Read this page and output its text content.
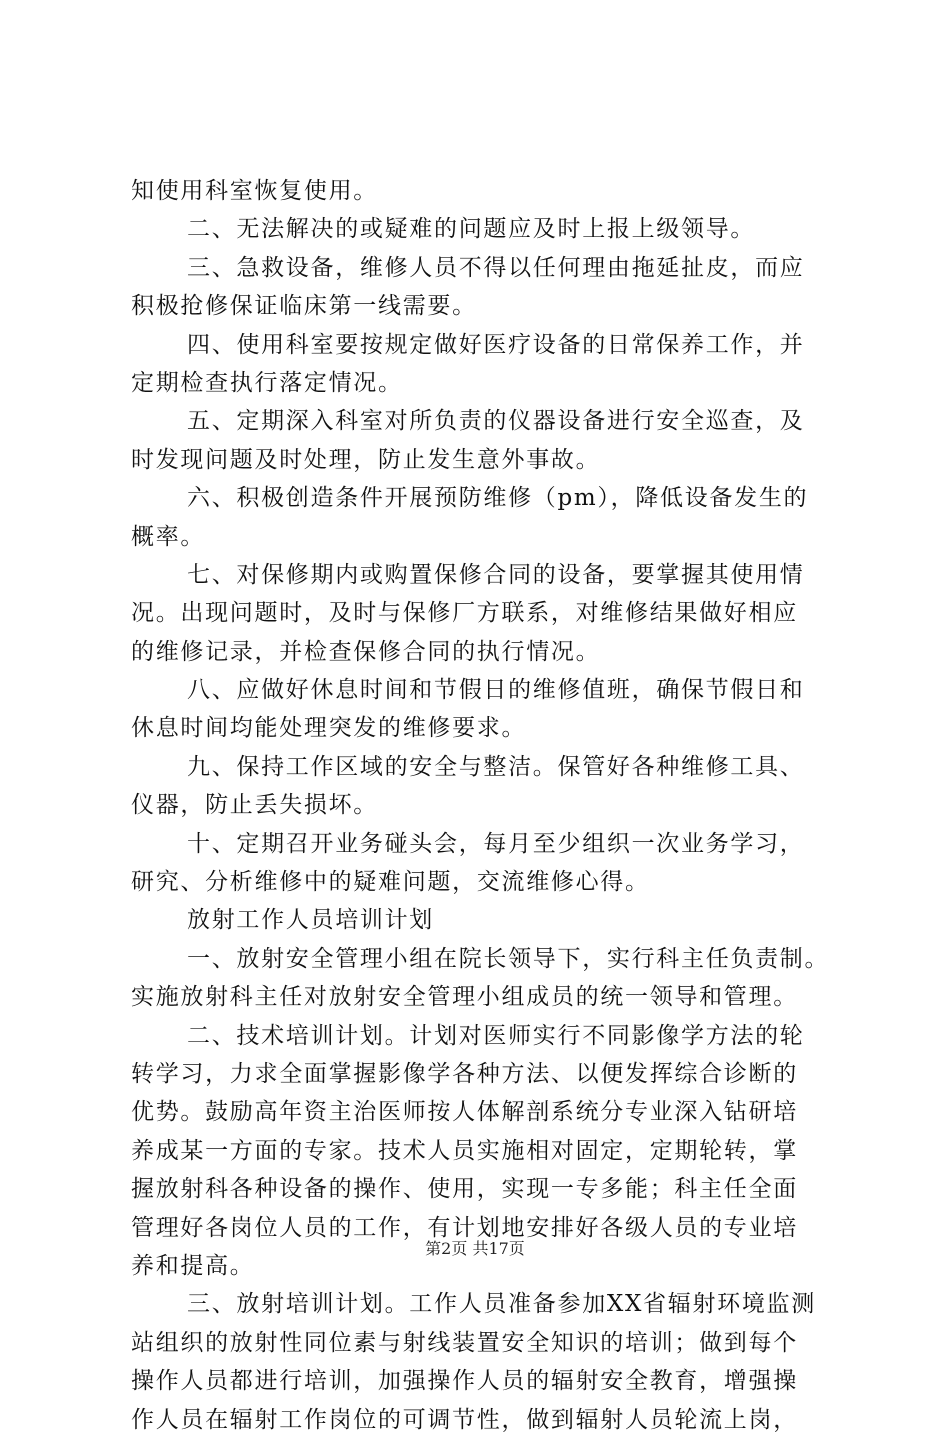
知使用科室恢复使用。
二、无法解决的或疑难的问题应及时上报上级领导。
三、急救设备，维修人员不得以任何理由拖延扯皮，而应
积极抢修保证临床第一线需要。
四、使用科室要按规定做好医疗设备的日常保养工作，并
定期检查执行落定情况。
五、定期深入科室对所负责的仪器设备进行安全巡查，及
时发现问题及时处理，防止发生意外事故。
六、积极创造条件开展预防维修（pm），降低设备发生的
概率。
七、对保修期内或购置保修合同的设备，要掌握其使用情
况。出现问题时，及时与保修厂方联系，对维修结果做好相应
的维修记录，并检查保修合同的执行情况。
八、应做好休息时间和节假日的维修值班，确保节假日和
休息时间均能处理突发的维修要求。
九、保持工作区域的安全与整洁。保管好各种维修工具、
仪器，防止丢失损坏。
十、定期召开业务碰头会，每月至少组织一次业务学习，
研究、分析维修中的疑难问题，交流维修心得。
放射工作人员培训计划
一、放射安全管理小组在院长领导下，实行科主任负责制。
实施放射科主任对放射安全管理小组成员的统一领导和管理。
二、技术培训计划。计划对医师实行不同影像学方法的轮
转学习，力求全面掌握影像学各种方法、以便发挥综合诊断的
优势。鼓励高年资主治医师按人体解剖系统分专业深入钻研培
养成某一方面的专家。技术人员实施相对固定，定期轮转，掌
握放射科各种设备的操作、使用，实现一专多能；科主任全面
管理好各岗位人员的工作，有计划地安排好各级人员的专业培
养和提高。
三、放射培训计划。工作人员准备参加XX省辐射环境监测
站组织的放射性同位素与射线装置安全知识的培训；做到每个
操作人员都进行培训，加强操作人员的辐射安全教育，增强操
作人员在辐射工作岗位的可调节性，做到辐射人员轮流上岗，
第2页 共17页
